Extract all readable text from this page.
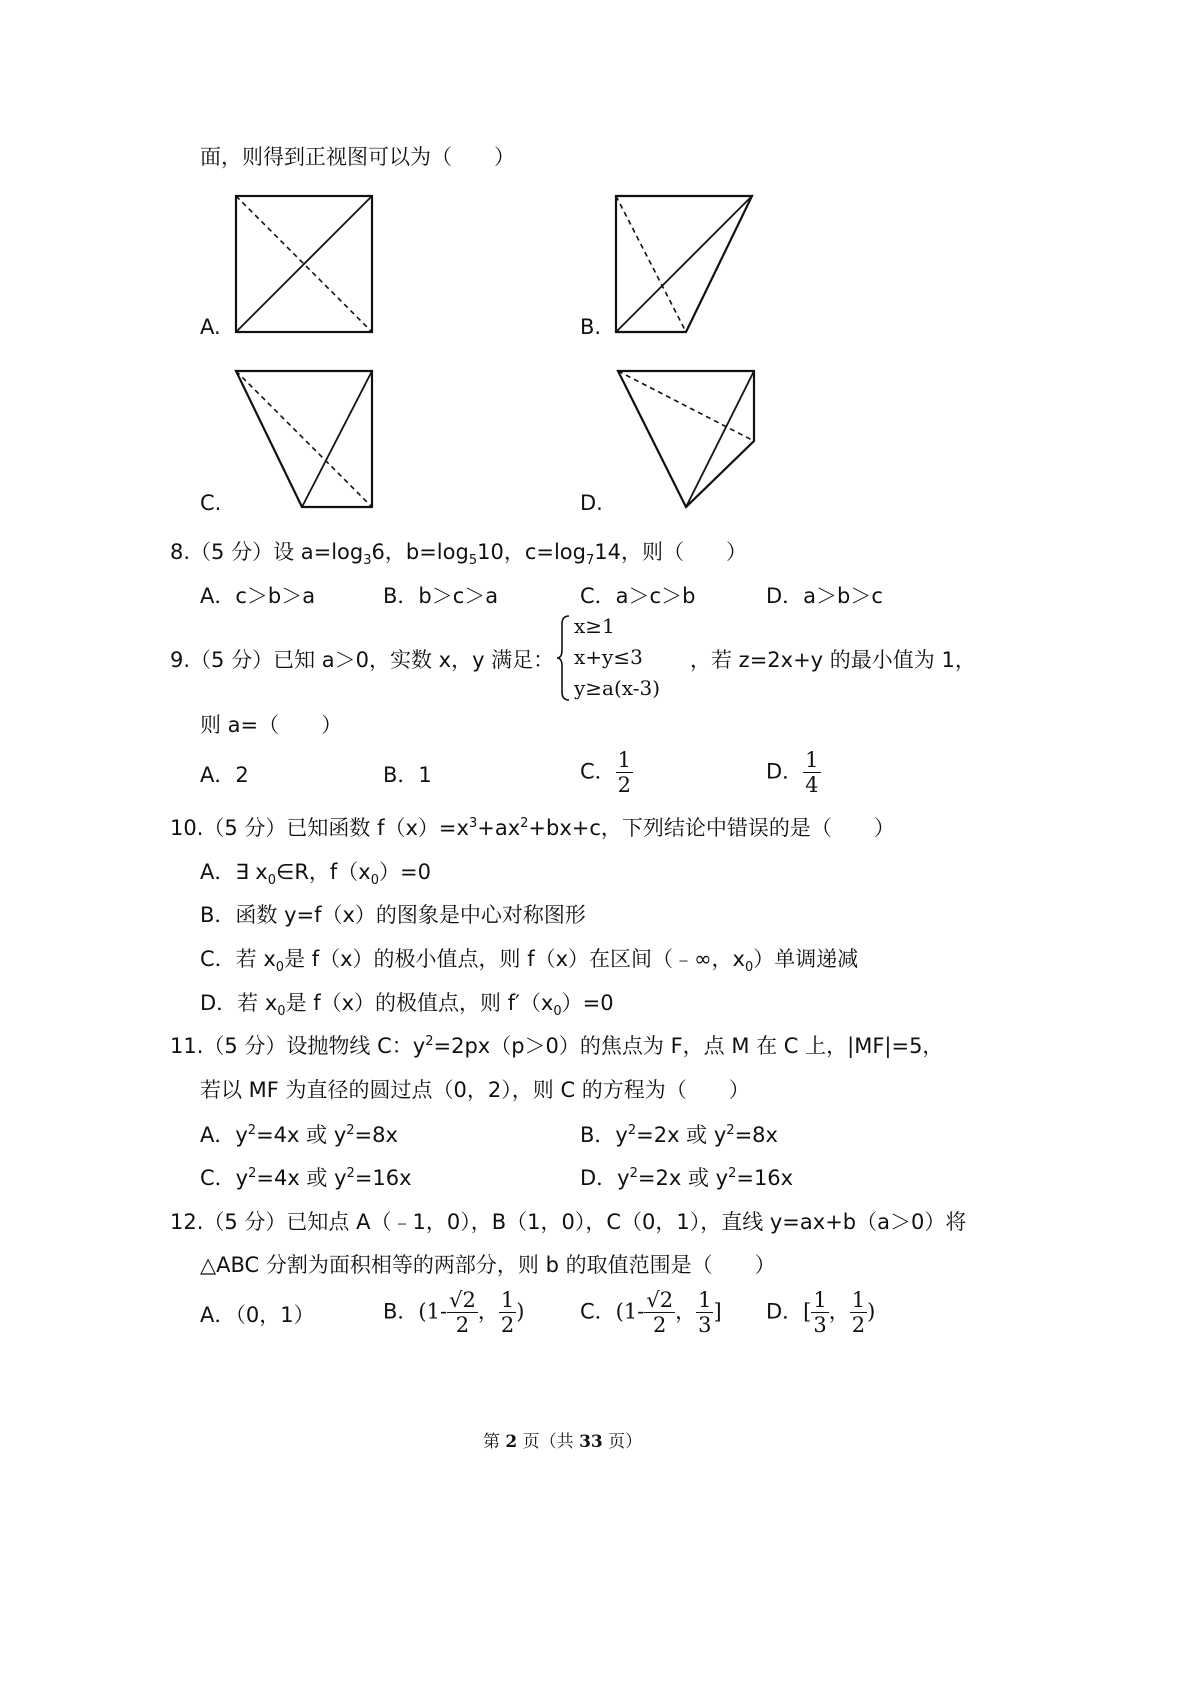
面，则得到正视图可以为（　　）
A.	B.
C.	D.
8.（5 分）设 $a=\log_36$，$b=\log_510$，$c=\log_714$，则（　　）
A．c＞b＞a	B．b＞c＞a	C．a＞c＞b	D．a＞b＞c
9.（5 分）已知 a＞0，实数 x，y 满足：
x≥1
x+y≤3
y≥a(x-3)
，若 z=2x+y 的最小值为 1，
则 a=（　　）
A．2	B．1	C． $\frac{1}{2}$	D． $\frac{1}{4}$
10.（5 分）已知函数 $f(x)=x^3+ax^2+bx+c$，下列结论中错误的是（　　）
A．∃ $x_0\in R$，$f(x_0)=0$
B．函数 y=f（x）的图象是中心对称图形
C．若 $x_0$是 f（x）的极小值点，则 f（x）在区间（﹣∞，$x_0$）单调递减
D．若 $x_0$是 f（x）的极值点，则 $f'(x_0)=0$
11.（5 分）设抛物线 C：$y^2=2px(p>0)$的焦点为 F，点 M 在 C 上，|MF|=5，
若以 MF 为直径的圆过点（0，2），则 C 的方程为（　　）
A．$y^2=4x$ 或 $y^2=8x$	B．$y^2=2x$ 或 $y^2=8x$
C．$y^2=4x$ 或 $y^2=16x$	D．$y^2=2x$ 或 $y^2=16x$
12.（5 分）已知点 A（﹣1，0），B（1，0），C（0，1），直线 y=ax+b（a＞0）将
△ABC 分割为面积相等的两部分，则 b 的取值范围是（　　）
A．（0，1）	B．($1- \frac{√2}{2}$ ， $\frac{1}{2}$ )	C．($1- \frac{√2}{2}$ ， $\frac{1}{3}$ ] D．[ $\frac{1}{3}$ ， $\frac{1}{2}$ )
第 2 页（共 33 页）
